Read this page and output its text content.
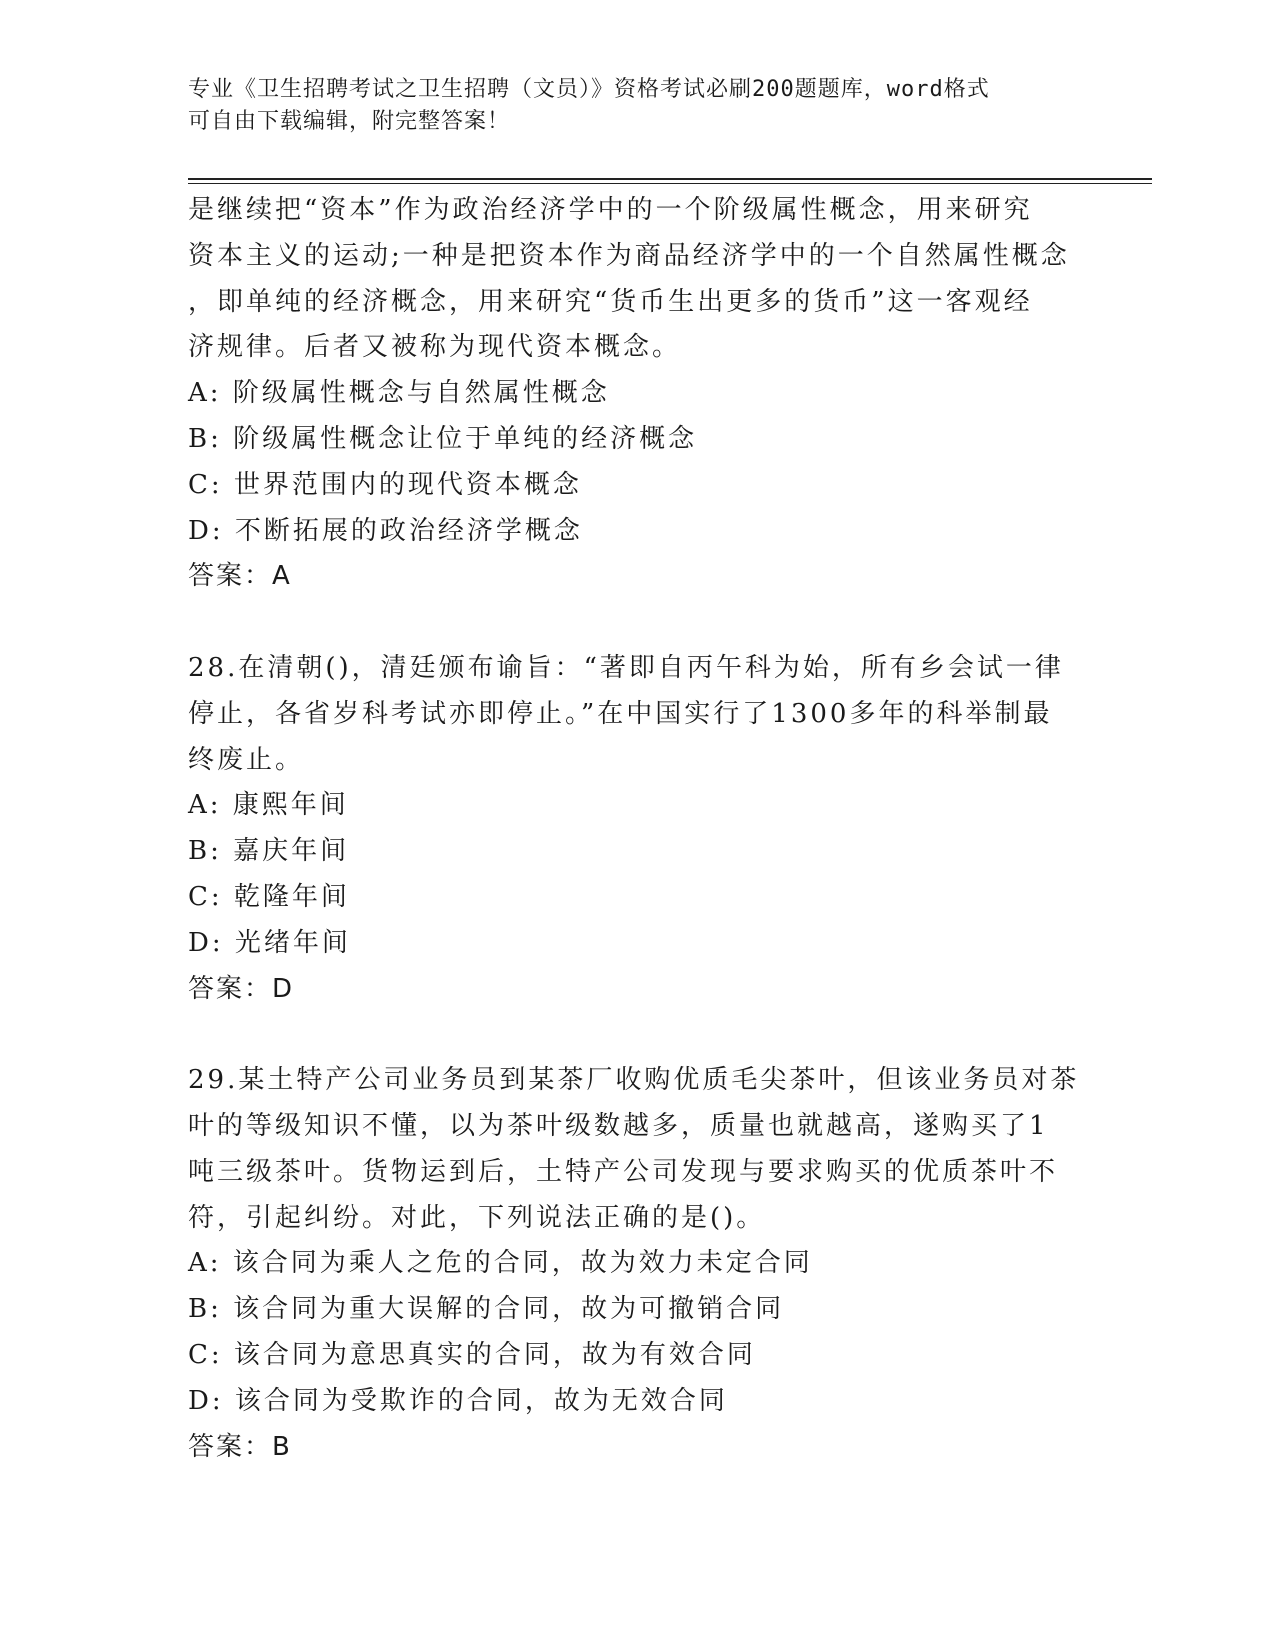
专业《卫生招聘考试之卫生招聘（文员）》资格考试必刷200题题库，word格式
可自由下载编辑，附完整答案！
是继续把“资本”作为政治经济学中的一个阶级属性概念，用来研究
资本主义的运动;一种是把资本作为商品经济学中的一个自然属性概念
，即单纯的经济概念，用来研究“货币生出更多的货币”这一客观经
济规律。后者又被称为现代资本概念。
A: 阶级属性概念与自然属性概念
B: 阶级属性概念让位于单纯的经济概念
C: 世界范围内的现代资本概念
D: 不断拓展的政治经济学概念
答案：A
28.在清朝()，清廷颁布谕旨：“著即自丙午科为始，所有乡会试一律
停止，各省岁科考试亦即停止。”在中国实行了1300多年的科举制最
终废止。
A: 康熙年间
B: 嘉庆年间
C: 乾隆年间
D: 光绪年间
答案：D
29.某土特产公司业务员到某茶厂收购优质毛尖茶叶，但该业务员对茶
叶的等级知识不懂，以为茶叶级数越多，质量也就越高，遂购买了1
吨三级茶叶。货物运到后，土特产公司发现与要求购买的优质茶叶不
符，引起纠纷。对此，下列说法正确的是()。
A: 该合同为乘人之危的合同，故为效力未定合同
B: 该合同为重大误解的合同，故为可撤销合同
C: 该合同为意思真实的合同，故为有效合同
D: 该合同为受欺诈的合同，故为无效合同
答案：B
